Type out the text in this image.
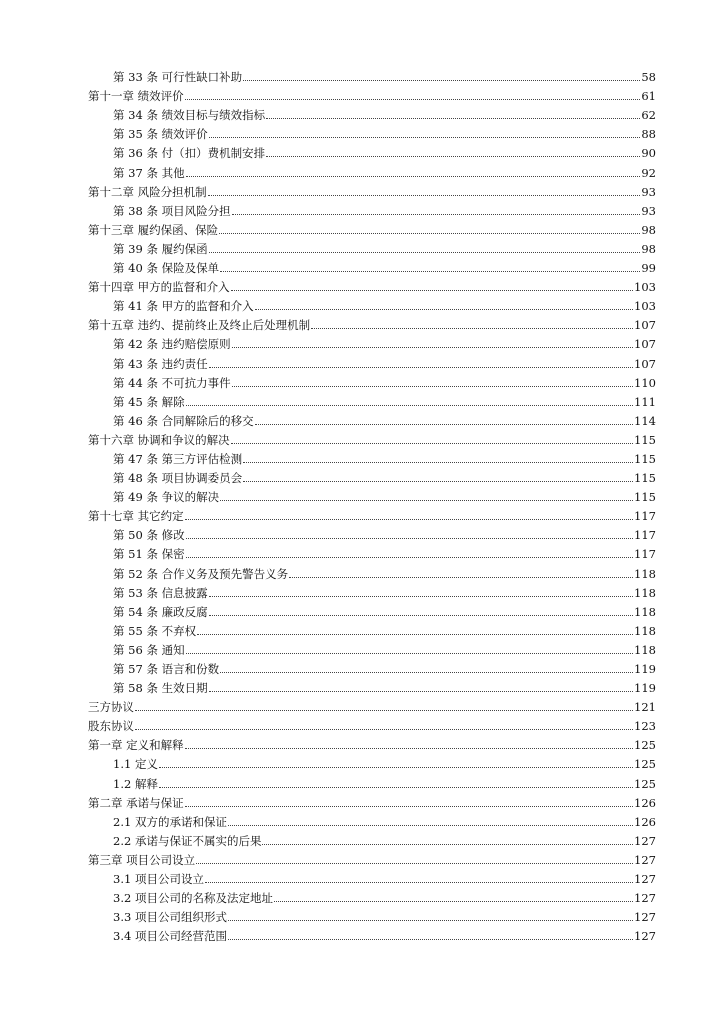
第 33 条 可行性缺口补助	58
第十一章 绩效评价	61
第 34 条 绩效目标与绩效指标	62
第 35 条 绩效评价	88
第 36 条 付（扣）费机制安排	90
第 37 条 其他	92
第十二章 风险分担机制	93
第 38 条 项目风险分担	93
第十三章 履约保函、保险	98
第 39 条 履约保函	98
第 40 条 保险及保单	99
第十四章 甲方的监督和介入	103
第 41 条 甲方的监督和介入	103
第十五章 违约、提前终止及终止后处理机制	107
第 42 条 违约赔偿原则	107
第 43 条 违约责任	107
第 44 条 不可抗力事件	110
第 45 条 解除	111
第 46 条 合同解除后的移交	114
第十六章 协调和争议的解决	115
第 47 条 第三方评估检测	115
第 48 条 项目协调委员会	115
第 49 条 争议的解决	115
第十七章 其它约定	117
第 50 条 修改	117
第 51 条 保密	117
第 52 条 合作义务及预先警告义务	118
第 53 条 信息披露	118
第 54 条 廉政反腐	118
第 55 条 不弃权	118
第 56 条 通知	118
第 57 条 语言和份数	119
第 58 条 生效日期	119
三方协议	121
股东协议	123
第一章 定义和解释	125
1.1 定义	125
1.2 解释	125
第二章 承诺与保证	126
2.1 双方的承诺和保证	126
2.2 承诺与保证不属实的后果	127
第三章 项目公司设立	127
3.1 项目公司设立	127
3.2 项目公司的名称及法定地址	127
3.3 项目公司组织形式	127
3.4 项目公司经营范围	127
